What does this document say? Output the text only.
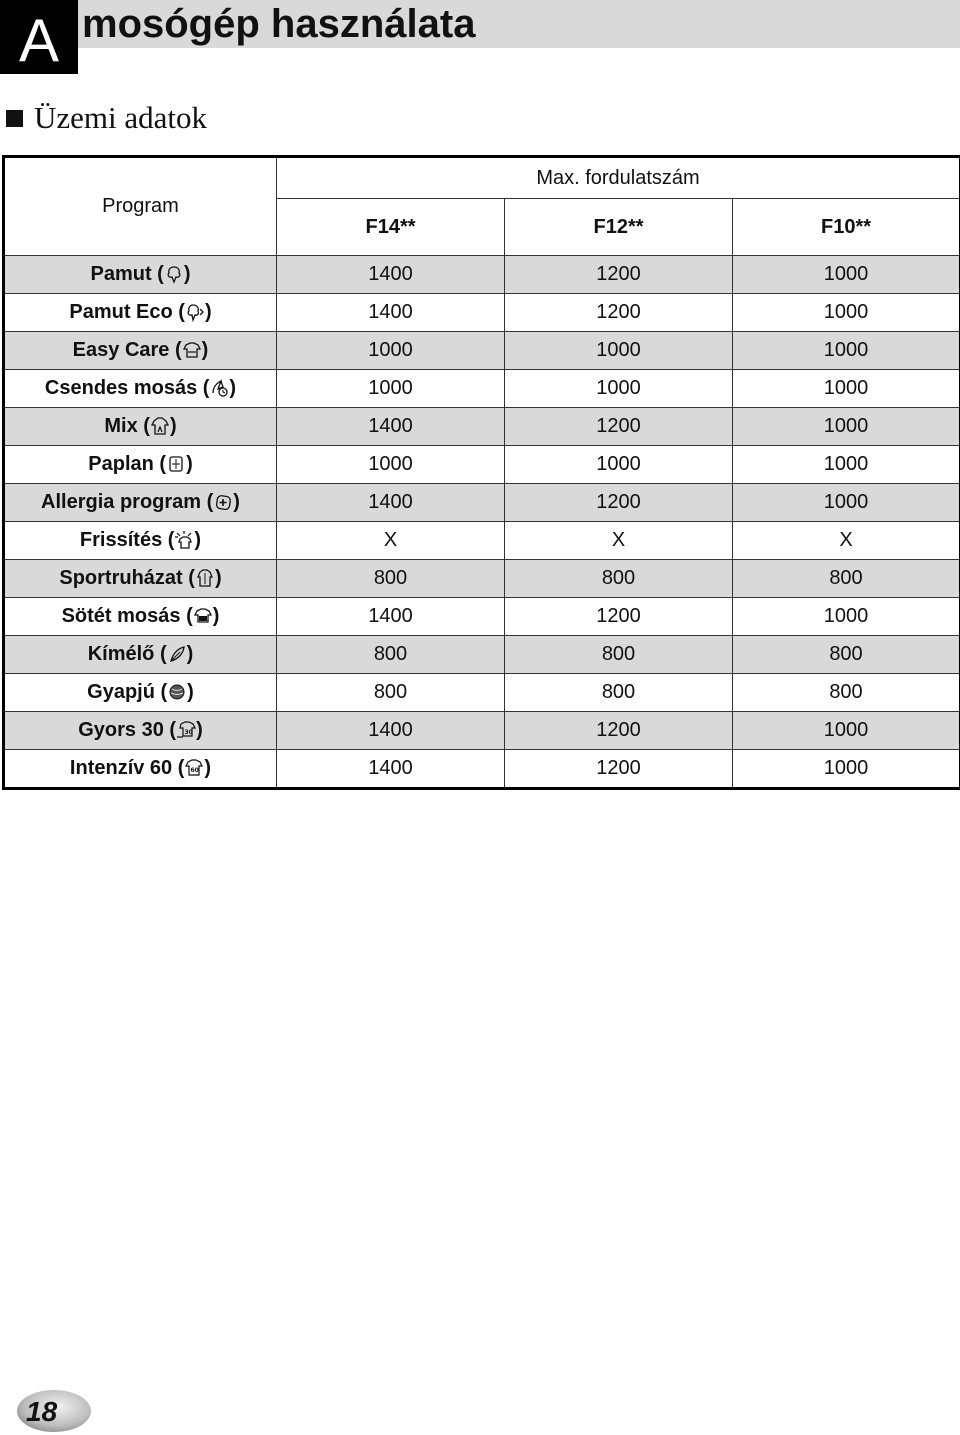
A mosógép használata
Üzemi adatok
Program	Max. fordulatszám		
	F14**	F12**	F10**
Pamut ( )	1400	1200	1000
Pamut Eco ( )	1400	1200	1000
Easy Care ( )	1000	1000	1000
Csendes mosás ( )	1000	1000	1000
Mix ( )	1400	1200	1000
Paplan ( )	1000	1000	1000
Allergia program ( )	1400	1200	1000
Frissítés ( )	X	X	X
Sportruházat ( )	800	800	800
Sötét mosás ( )	1400	1200	1000
Kímélő ( )	800	800	800
Gyapjú ( )	800	800	800
Gyors 30 ( 30 )	1400	1200	1000
Intenzív 60 ( 60 )	1400	1200	1000
18
